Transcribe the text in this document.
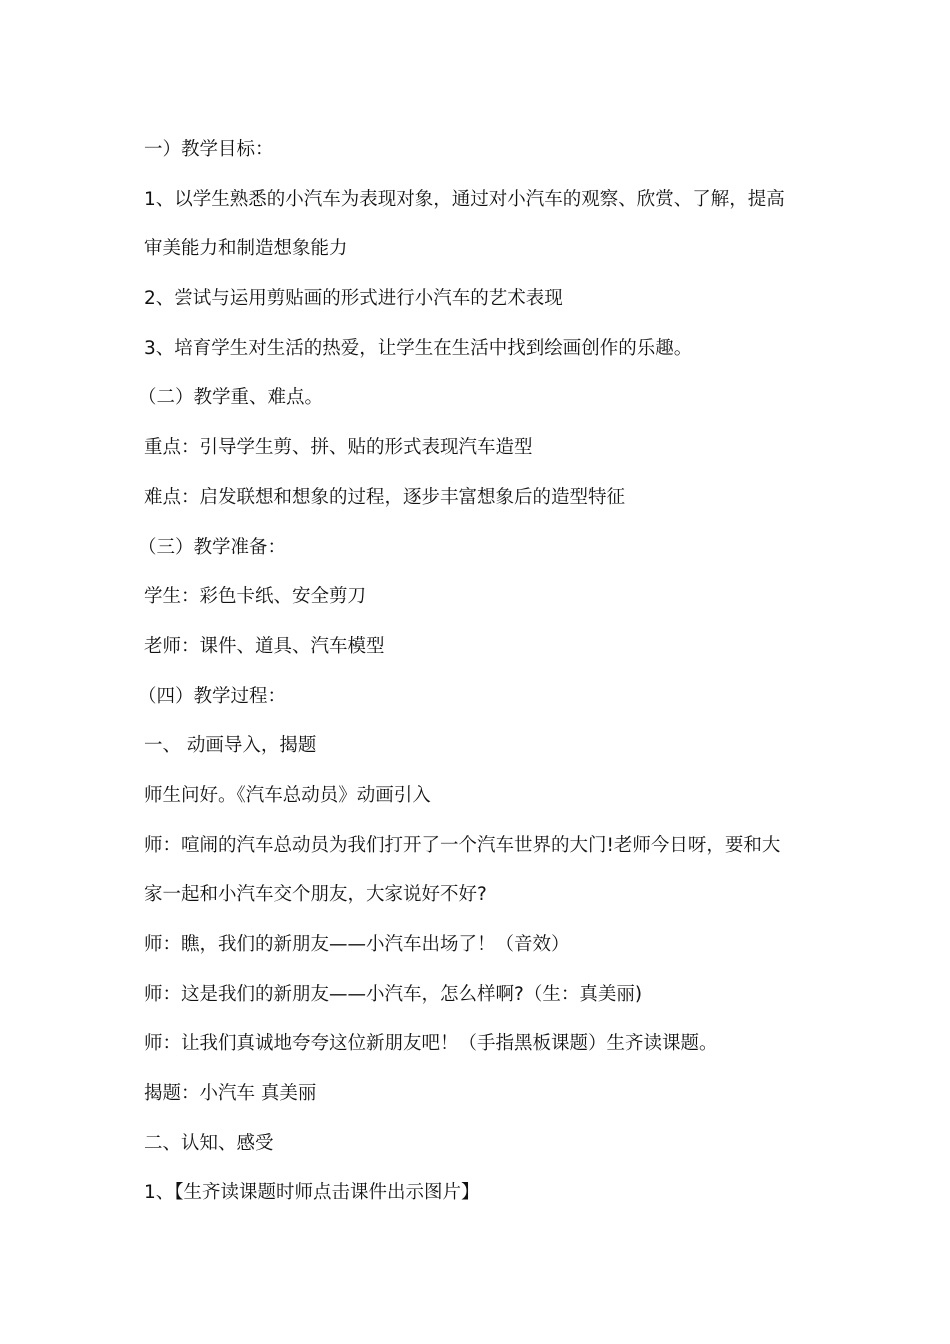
一）教学目标：
1、以学生熟悉的小汽车为表现对象，通过对小汽车的观察、欣赏、了解，提高
审美能力和制造想象能力
2、尝试与运用剪贴画的形式进行小汽车的艺术表现
3、培育学生对生活的热爱，让学生在生活中找到绘画创作的乐趣。
（二）教学重、难点。
重点：引导学生剪、拼、贴的形式表现汽车造型
难点：启发联想和想象的过程，逐步丰富想象后的造型特征
（三）教学准备：
学生：彩色卡纸、安全剪刀
老师：课件、道具、汽车模型
（四）教学过程：
一、 动画导入，揭题
师生问好。《汽车总动员》动画引入
师：喧闹的汽车总动员为我们打开了一个汽车世界的大门!老师今日呀，要和大
家一起和小汽车交个朋友，大家说好不好?
师：瞧，我们的新朋友——小汽车出场了！（音效）
师：这是我们的新朋友——小汽车，怎么样啊?（生：真美丽)
师：让我们真诚地夸夸这位新朋友吧！（手指黑板课题）生齐读课题。
揭题：小汽车 真美丽
二、认知、感受
1、【生齐读课题时师点击课件出示图片】
